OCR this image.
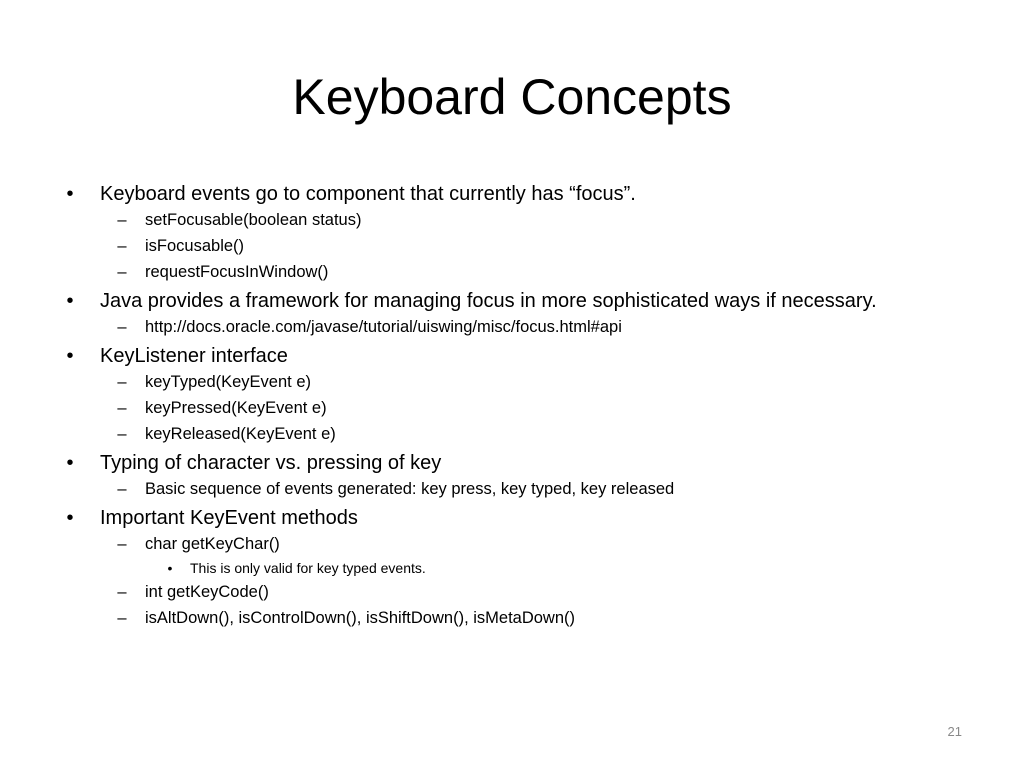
Keyboard Concepts
•	Keyboard events go to component that currently has “focus”.
–	setFocusable(boolean status)
–	isFocusable()
–	requestFocusInWindow()
•	Java provides a framework for managing focus in more sophisticated ways if necessary.
–	http://docs.oracle.com/javase/tutorial/uiswing/misc/focus.html#api
•	KeyListener interface
–	keyTyped(KeyEvent e)
–	keyPressed(KeyEvent e)
–	keyReleased(KeyEvent e)
•	Typing of character vs. pressing of key
–	Basic sequence of events generated: key press, key typed, key released
•	Important KeyEvent methods
–	char getKeyChar()
•	This is only valid for key typed events.
–	int getKeyCode()
–	isAltDown(), isControlDown(), isShiftDown(), isMetaDown()
21
